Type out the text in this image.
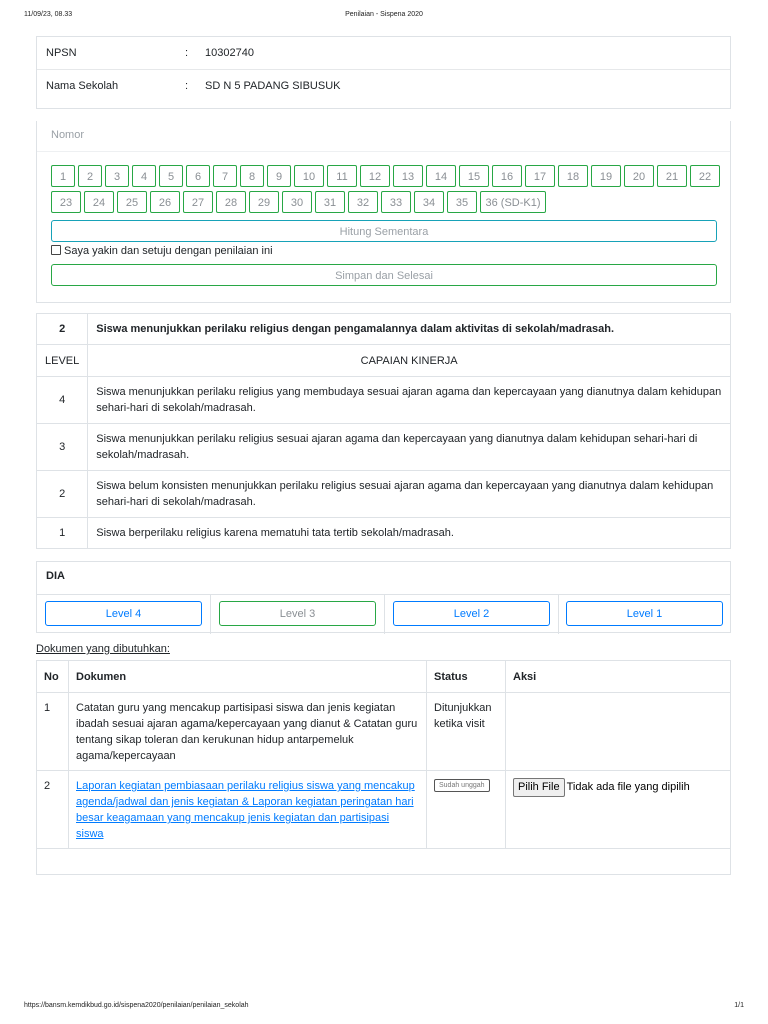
11/09/23, 08.33	Penilaian - Sispena 2020
NPSN	: 10302740
Nama Sekolah	: SD N 5 PADANG SIBUSUK
Nomor
1	2	3	4	5	6	7	8	9	10	11	12	13	14	15	16	17	18	19	20	21	22
23	24	25	26	27	28	29	30	31	32	33	34	35	36 (SD-K1)
Hitung Sementara
Saya yakin dan setuju dengan penilaian ini
Simpan dan Selesai
2	Siswa menunjukkan perilaku religius dengan pengamalannya dalam aktivitas di sekolah/madrasah.
LEVEL	CAPAIAN KINERJA
4	Siswa menunjukkan perilaku religius yang membudaya sesuai ajaran agama dan kepercayaan yang dianutnya dalam kehidupan sehari-hari di sekolah/madrasah.
3	Siswa menunjukkan perilaku religius sesuai ajaran agama dan kepercayaan yang dianutnya dalam kehidupan sehari-hari di sekolah/madrasah.
2	Siswa belum konsisten menunjukkan perilaku religius sesuai ajaran agama dan kepercayaan yang dianutnya dalam kehidupan sehari-hari di sekolah/madrasah.
1	Siswa berperilaku religius karena mematuhi tata tertib sekolah/madrasah.
DIA
Level 4	Level 3	Level 2	Level 1
Dokumen yang dibutuhkan:
No	Dokumen	Status	Aksi
1	Catatan guru yang mencakup partisipasi siswa dan jenis kegiatan ibadah sesuai ajaran agama/kepercayaan yang dianut & Catatan guru tentang sikap toleran dan kerukunan hidup antarpemeluk agama/kepercayaan	Ditunjukkan ketika visit	
2	Laporan kegiatan pembiasaan perilaku religius siswa yang mencakup agenda/jadwal dan jenis kegiatan & Laporan kegiatan peringatan hari besar keagamaan yang mencakup jenis kegiatan dan partisipasi siswa	Sudah unggah	Pilih File Tidak ada file yang dipilih

https://bansm.kemdikbud.go.id/sispena2020/penilaian/penilaian_sekolah	1/1
